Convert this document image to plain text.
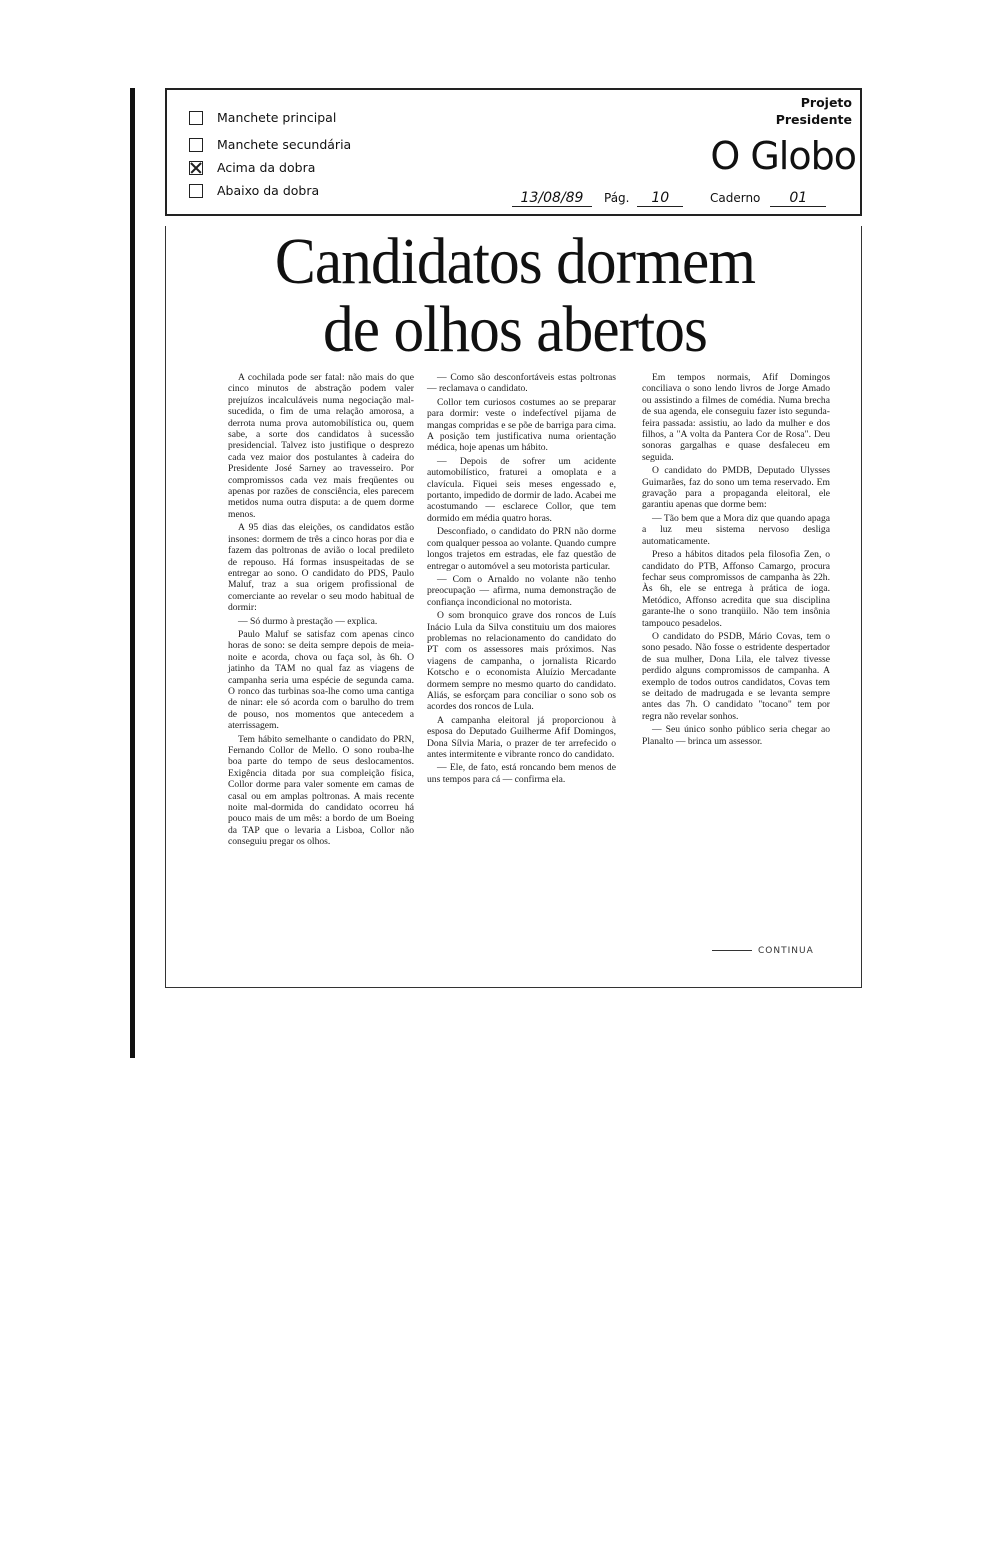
Manchete principal
Manchete secundária
Acima da dobra
Abaixo da dobra
Projeto
Presidente
O Globo
13/08/89	Pág. 10	Caderno 01
Candidatos dormem
de olhos abertos

A cochilada pode ser fatal: não mais do que cinco minutos de abstração podem valer prejuízos incalculáveis numa negociação mal-sucedida, o fim de uma relação amorosa, a derrota numa prova automobilística ou, quem sabe, a sorte dos candidatos à sucessão presidencial. Talvez isto justifique o desprezo cada vez maior dos postulantes à cadeira do Presidente José Sarney ao travesseiro. Por compromissos cada vez mais freqüentes ou apenas por razões de consciência, eles parecem metidos numa outra disputa: a de quem dorme menos.

A 95 dias das eleições, os candidatos estão insones: dormem de três a cinco horas por dia e fazem das poltronas de avião o local predileto de repouso. Há formas insuspeitadas de se entregar ao sono. O candidato do PDS, Paulo Maluf, traz a sua origem profissional de comerciante ao revelar o seu modo habitual de dormir:

— Só durmo à prestação — explica.

Paulo Maluf se satisfaz com apenas cinco horas de sono: se deita sempre depois de meia-noite e acorda, chova ou faça sol, às 6h. O jatinho da TAM no qual faz as viagens de campanha seria uma espécie de segunda cama. O ronco das turbinas soa-lhe como uma cantiga de ninar: ele só acorda com o barulho do trem de pouso, nos momentos que antecedem a aterrissagem.

Tem hábito semelhante o candidato do PRN, Fernando Collor de Mello. O sono rouba-lhe boa parte do tempo de seus deslocamentos. Exigência ditada por sua compleição física, Collor dorme para valer somente em camas de casal ou em amplas poltronas. A mais recente noite mal-dormida do candidato ocorreu há pouco mais de um mês: a bordo de um Boeing da TAP que o levaria a Lisboa, Collor não conseguiu pregar os olhos.

— Como são desconfortáveis estas poltronas — reclamava o candidato.

Collor tem curiosos costumes ao se preparar para dormir: veste o indefectível pijama de mangas compridas e se põe de barriga para cima. A posição tem justificativa numa orientação médica, hoje apenas um hábito.

— Depois de sofrer um acidente automobilístico, fraturei a omoplata e a clavícula. Fiquei seis meses engessado e, portanto, impedido de dormir de lado. Acabei me acostumando — esclarece Collor, que tem dormido em média quatro horas.

Desconfiado, o candidato do PRN não dorme com qualquer pessoa ao volante. Quando cumpre longos trajetos em estradas, ele faz questão de entregar o automóvel a seu motorista particular.

— Com o Arnaldo no volante não tenho preocupação — afirma, numa demonstração de confiança incondicional no motorista.

O som bronquico grave dos roncos de Luís Inácio Lula da Silva constituiu um dos maiores problemas no relacionamento do candidato do PT com os assessores mais próximos. Nas viagens de campanha, o jornalista Ricardo Kotscho e o economista Aluízio Mercadante dormem sempre no mesmo quarto do candidato. Aliás, se esforçam para conciliar o sono sob os acordes dos roncos de Lula.

A campanha eleitoral já proporcionou à esposa do Deputado Guilherme Afif Domingos, Dona Sílvia Maria, o prazer de ter arrefecido o antes intermitente e vibrante ronco do candidato.

— Ele, de fato, está roncando bem menos de uns tempos para cá — confirma ela.

Em tempos normais, Afif Domingos conciliava o sono lendo livros de Jorge Amado ou assistindo a filmes de comédia. Numa brecha de sua agenda, ele conseguiu fazer isto segunda-feira passada: assistiu, ao lado da mulher e dos filhos, a "A volta da Pantera Cor de Rosa". Deu sonoras gargalhas e quase desfaleceu em seguida.

O candidato do PMDB, Deputado Ulysses Guimarães, faz do sono um tema reservado. Em gravação para a propaganda eleitoral, ele garantiu apenas que dorme bem:

— Tão bem que a Mora diz que quando apaga a luz meu sistema nervoso desliga automaticamente.

Preso a hábitos ditados pela filosofia Zen, o candidato do PTB, Affonso Camargo, procura fechar seus compromissos de campanha às 22h. Às 6h, ele se entrega à prática de ioga. Metódico, Affonso acredita que sua disciplina garante-lhe o sono tranqüilo. Não tem insônia tampouco pesadelos.

O candidato do PSDB, Mário Covas, tem o sono pesado. Não fosse o estridente despertador de sua mulher, Dona Lila, ele talvez tivesse perdido alguns compromissos de campanha. A exemplo de todos outros candidatos, Covas tem se deitado de madrugada e se levanta sempre antes das 7h. O candidato "tocano" tem por regra não revelar sonhos.

— Seu único sonho público seria chegar ao Planalto — brinca um assessor.

CONTINUA
